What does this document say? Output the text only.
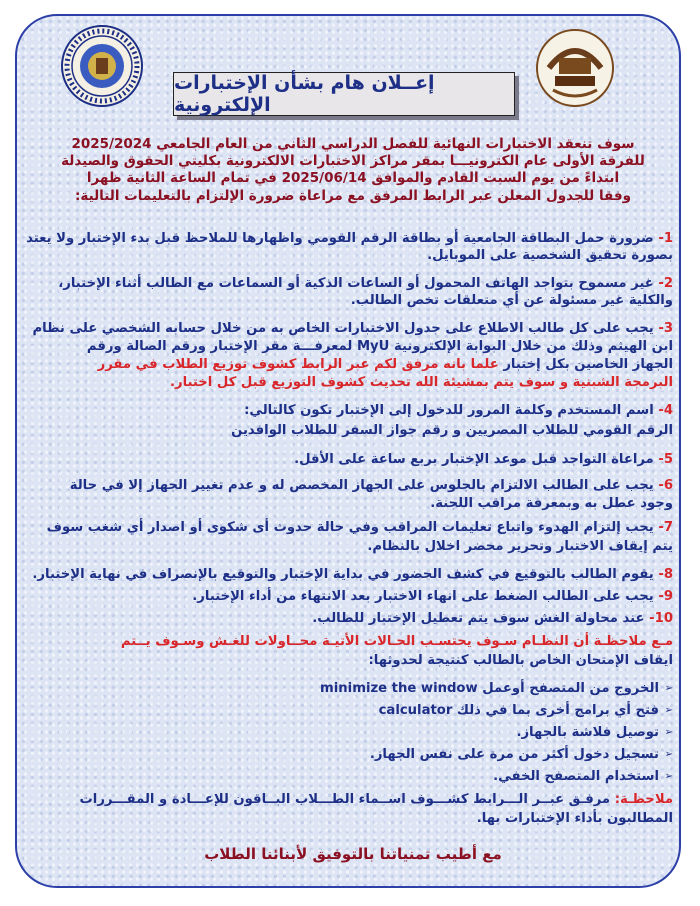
إعــلان هام بشأن الإختبارات الإلكترونية
سوف تنعقد الاختبارات النهائية للفصل الدراسي الثاني من العام الجامعي 2025/2024
للفرقة الأولى عام الكترونيـــا بمقر مراكز الاختبارات الالكترونية بكليتي الحقوق والصيدلة
ابتداءً من يوم السبت القادم والموافق 2025/06/14 في تمام الساعة الثانية ظهرا
وفقا للجدول المعلن عبر الرابط المرفق مع مراعاة ضرورة الإلتزام بالتعليمات التالية:
1- ضرورة حمل البطاقة الجامعية أو بطاقة الرقم القومي واظهارها للملاحظ قبل بدء الإختبار ولا يعتد
بصورة تحقيق الشخصية على الموبايل.
2- غير مسموح بتواجد الهاتف المحمول أو الساعات الذكية أو السماعات مع الطالب أثناء الإختبار،
والكلية غير مسئولة عن أي متعلقات تخص الطالب.
3- يجب على كل طالب الاطلاع على جدول الاختبارات الخاص به من خلال حسابه الشخصي على نظام
ابن الهيثم وذلك من خلال البوابة الإلكترونية MyU لمعرفـــة مقر الإختبار ورقم الصالة ورقم
الجهاز الخاصين بكل إختبار علما بانه مرفق لكم عبر الرابط كشوف توزيع الطلاب في مقرر
البرمجة الشبنية و سوف يتم بمشيئة الله تحديث كشوف التوزيع قبل كل اختبار.
4- اسم المستخدم وكلمة المرور للدخول إلى الإختبار تكون كالتالي:
الرقم القومي للطلاب المصريين و رقم جواز السفر للطلاب الوافدين
5- مراعاة التواجد قبل موعد الإختبار بربع ساعة على الأقل.
6- يجب على الطالب الالتزام بالجلوس على الجهاز المخصص له و عدم تغيير الجهاز إلا في حالة
وجود عطل به وبمعرفة مراقب اللجنة.
7- يجب إلتزام الهدوء واتباع تعليمات المراقب وفي حالة حدوث أى شكوى أو اصدار أي شغب سوف
يتم إيقاف الاختبار وتحرير محضر اخلال بالنظام.
8- يقوم الطالب بالتوقيع في كشف الحضور في بداية الإختبار والتوقيع بالإنصراف في نهاية الإختبار.
9- يجب على الطالب الضغط على انهاء الاختبار بعد الانتهاء من أداء الإختبار.
10- عند محاولة الغش سوف يتم تعطيل الإختبار للطالب.
مـع ملاحظـة أن النظـام سـوف يحتسـب الحـالات الأتيـة محــاولات للغـش وسـوف يــتم
ايقاف الإمتحان الخاص بالطالب كنتيجة لحدوثها:
➢
الخروج من المتصفح أوعمل minimize the window
➢
فتح أي برامج أخرى بما في ذلك calculator
➢
توصيل فلاشة بالجهاز.
➢
تسجيل دخول أكثر من مرة على نفس الجهاز.
➢
استخدام المتصفح الخفي.
ملاحظـة: مرفـق عبــر الـــرابط كشـــوف اســماء الطـــلاب البــاقون للإعـــادة و المقـــررات
المطالبون بأداء الإختبارات بها.
مع أطيب تمنياتنا بالتوفيق لأبنائنا الطلاب
